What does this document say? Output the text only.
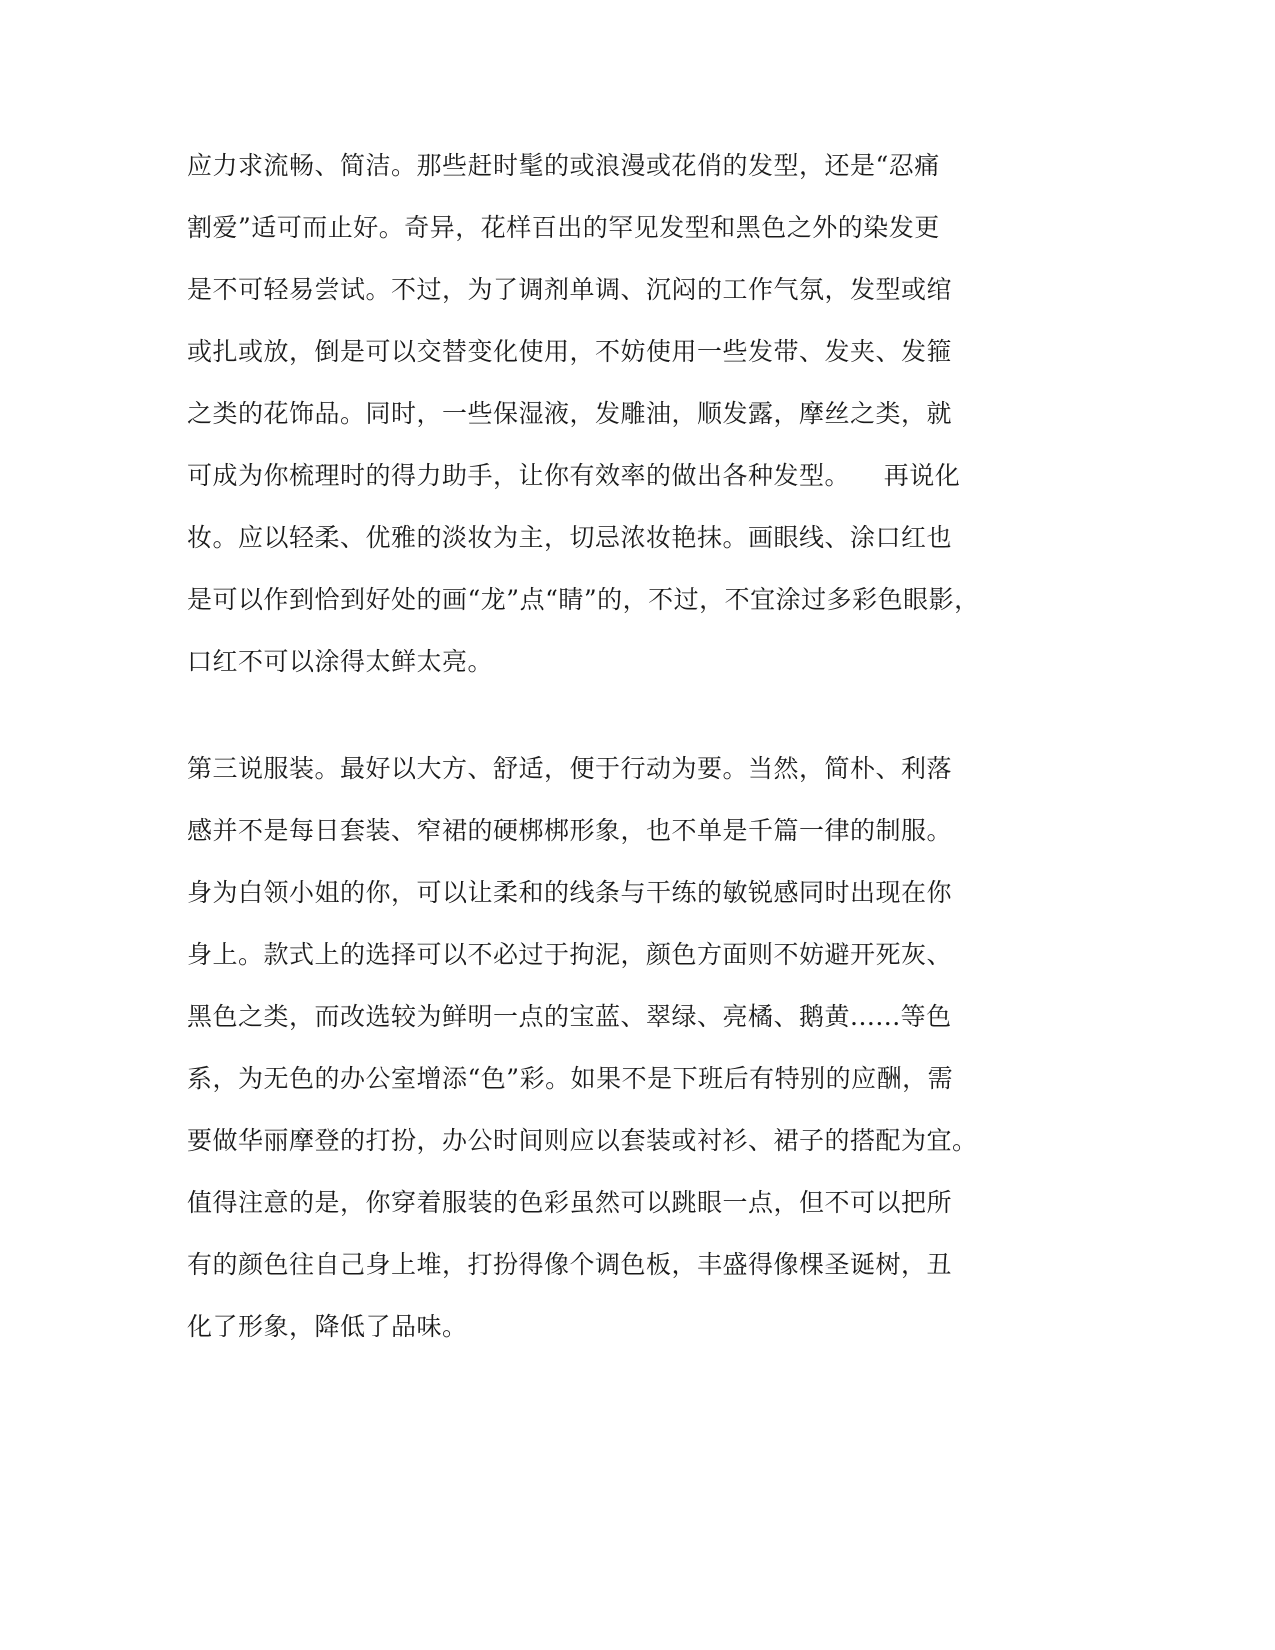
应力求流畅、简洁。那些赶时髦的或浪漫或花俏的发型，还是“忍痛
割爱”适可而止好。奇异，花样百出的罕见发型和黑色之外的染发更
是不可轻易尝试。不过，为了调剂单调、沉闷的工作气氛，发型或绾
或扎或放，倒是可以交替变化使用，不妨使用一些发带、发夹、发箍
之类的花饰品。同时，一些保湿液，发雕油，顺发露，摩丝之类，就
可成为你梳理时的得力助手，让你有效率的做出各种发型。    再说化
妆。应以轻柔、优雅的淡妆为主，切忌浓妆艳抹。画眼线、涂口红也
是可以作到恰到好处的画“龙”点“睛”的，不过，不宜涂过多彩色眼影，
口红不可以涂得太鲜太亮。
第三说服装。最好以大方、舒适，便于行动为要。当然，简朴、利落
感并不是每日套装、窄裙的硬梆梆形象，也不单是千篇一律的制服。
身为白领小姐的你，可以让柔和的线条与干练的敏锐感同时出现在你
身上。款式上的选择可以不必过于拘泥，颜色方面则不妨避开死灰、
黑色之类，而改选较为鲜明一点的宝蓝、翠绿、亮橘、鹅黄......等色
系，为无色的办公室增添“色”彩。如果不是下班后有特别的应酬，需
要做华丽摩登的打扮，办公时间则应以套装或衬衫、裙子的搭配为宜。
值得注意的是，你穿着服装的色彩虽然可以跳眼一点，但不可以把所
有的颜色往自己身上堆，打扮得像个调色板，丰盛得像棵圣诞树，丑
化了形象，降低了品味。
